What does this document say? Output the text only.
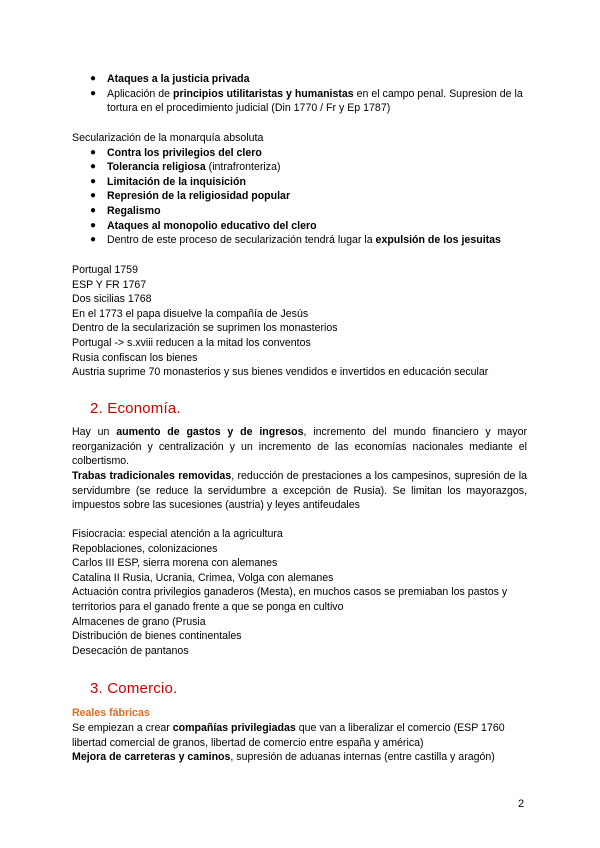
● Ataques a la justicia privada
● Aplicación de principios utilitaristas y humanistas en el campo penal. Supresion de la tortura en el procedimiento judicial (Din 1770 / Fr y Ep 1787)
Secularización de la monarquía absoluta
● Contra los privilegios del clero
● Tolerancia religiosa (intrafronteriza)
● Limitación de la inquisición
● Represión de la religiosidad popular
● Regalismo
● Ataques al monopolio educativo del clero
● Dentro de este proceso de secularización tendrá lugar la expulsión de los jesuitas
Portugal 1759
ESP Y FR 1767
Dos sicilias 1768
En el 1773 el papa disuelve la compañía de Jesús
Dentro de la secularización se suprimen los monasterios
Portugal -> s.xviii reducen a la mitad los conventos
Rusia confiscan los bienes
Austria suprime 70 monasterios y sus bienes vendidos e invertidos en educación secular
2. Economía.
Hay un aumento de gastos y de ingresos, incremento del mundo financiero y mayor reorganización y centralización y un incremento de las economías nacionales mediante el colbertismo.
Trabas tradicionales removidas, reducción de prestaciones a los campesinos, supresión de la servidumbre (se reduce la servidumbre a excepción de Rusia). Se limitan los mayorazgos, impuestos sobre las sucesiones (austria) y leyes antifeudales
Fisiocracia: especial atención a la agricultura
Repoblaciones, colonizaciones
Carlos III ESP, sierra morena con alemanes
Catalina II Rusia, Ucrania, Crimea, Volga con alemanes
Actuación contra privilegios ganaderos (Mesta), en muchos casos se premiaban los pastos y territorios para el ganado frente a que se ponga en cultivo
Almacenes de grano (Prusia
Distribución de bienes continentales
Desecación de pantanos
3. Comercio.
Reales fábricas
Se empiezan a crear compañías privilegiadas que van a liberalizar el comercio (ESP 1760 libertad comercial de granos, libertad de comercio entre españa y américa)
Mejora de carreteras y caminos, supresión de aduanas internas (entre castilla y aragón)
2
